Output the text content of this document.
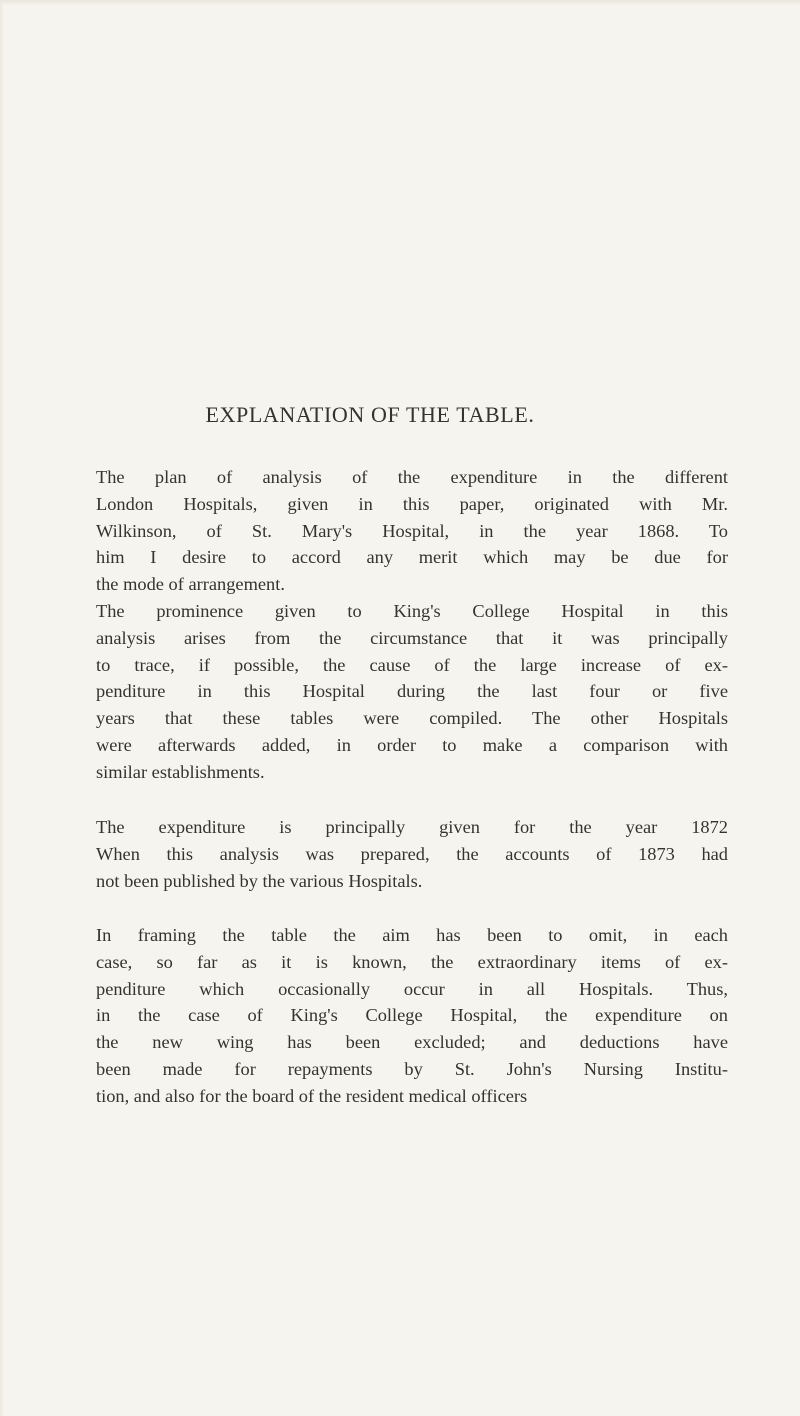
EXPLANATION OF THE TABLE.

The plan of analysis of the expenditure in the different
London Hospitals, given in this paper, originated with Mr.
Wilkinson, of St. Mary's Hospital, in the year 1868. To
him I desire to accord any merit which may be due for
the mode of arrangement.

The prominence given to King's College Hospital in this
analysis arises from the circumstance that it was principally
to trace, if possible, the cause of the large increase of ex-
penditure in this Hospital during the last four or five
years that these tables were compiled. The other Hospitals
were afterwards added, in order to make a comparison with
similar establishments.

The expenditure is principally given for the year 1872
When this analysis was prepared, the accounts of 1873 had
not been published by the various Hospitals.

In framing the table the aim has been to omit, in each
case, so far as it is known, the extraordinary items of ex-
penditure which occasionally occur in all Hospitals. Thus,
in the case of King's College Hospital, the expenditure on
the new wing has been excluded; and deductions have
been made for repayments by St. John's Nursing Institu-
tion, and also for the board of the resident medical officers
